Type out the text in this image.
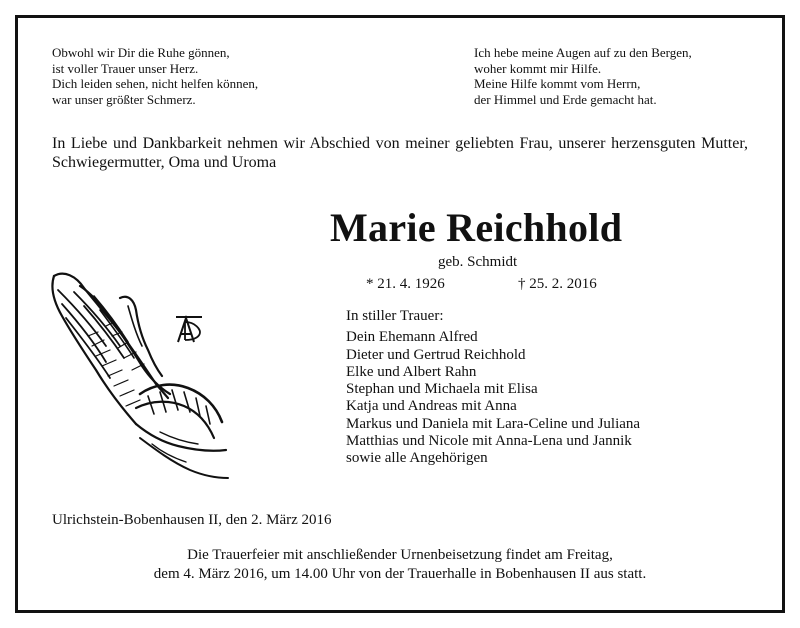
Obwohl wir Dir die Ruhe gönnen,
ist voller Trauer unser Herz.
Dich leiden sehen, nicht helfen können,
war unser größter Schmerz.
Ich hebe meine Augen auf zu den Bergen,
woher kommt mir Hilfe.
Meine Hilfe kommt vom Herrn,
der Himmel und Erde gemacht hat.
In Liebe und Dankbarkeit nehmen wir Abschied von meiner geliebten Frau, unserer herzensguten Mutter, Schwiegermutter, Oma und Uroma
Marie Reichhold
geb. Schmidt
* 21. 4. 1926	† 25. 2. 2016
In stiller Trauer:
Dein Ehemann Alfred
Dieter und Gertrud Reichhold
Elke und Albert Rahn
Stephan und Michaela mit Elisa
Katja und Andreas mit Anna
Markus und Daniela mit Lara-Celine und Juliana
Matthias und Nicole mit Anna-Lena und Jannik
sowie alle Angehörigen
Ulrichstein-Bobenhausen II, den 2. März 2016
Die Trauerfeier mit anschließender Urnenbeisetzung findet am Freitag,
dem 4. März 2016, um 14.00 Uhr von der Trauerhalle in Bobenhausen II aus statt.
